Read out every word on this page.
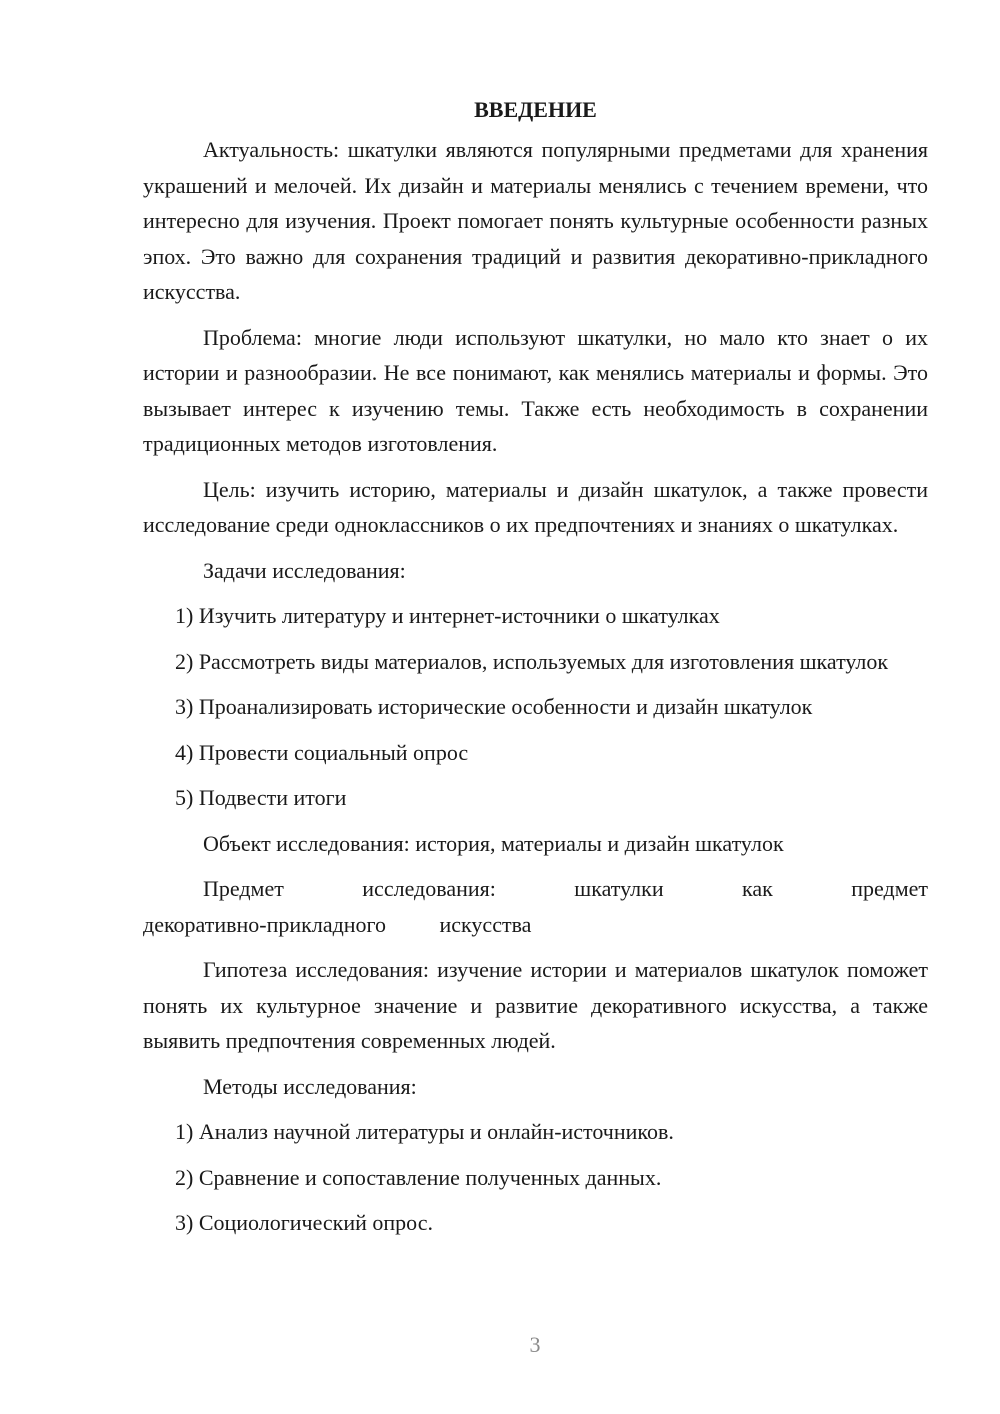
ВВЕДЕНИЕ

Актуальность: шкатулки являются популярными предметами для хранения украшений и мелочей. Их дизайн и материалы менялись с течением времени, что интересно для изучения. Проект помогает понять культурные особенности разных эпох. Это важно для сохранения традиций и развития декоративно-прикладного искусства.

Проблема: многие люди используют шкатулки, но мало кто знает о их истории и разнообразии. Не все понимают, как менялись материалы и формы. Это вызывает интерес к изучению темы. Также есть необходимость в сохранении традиционных методов изготовления.

Цель: изучить историю, материалы и дизайн шкатулок, а также провести исследование среди одноклассников о их предпочтениях и знаниях о шкатулках.

Задачи исследования:

1) Изучить литературу и интернет-источники о шкатулках

2) Рассмотреть виды материалов, используемых для изготовления шкатулок

3) Проанализировать исторические особенности и дизайн шкатулок

4) Провести социальный опрос

5) Подвести итоги

Объект исследования: история, материалы и дизайн шкатулок

Предмет исследования: шкатулки как предмет декоративно-прикладного искусства

Гипотеза исследования: изучение истории и материалов шкатулок поможет понять их культурное значение и развитие декоративного искусства, а также выявить предпочтения современных людей.

Методы исследования:

1) Анализ научной литературы и онлайн-источников.

2) Сравнение и сопоставление полученных данных.

3) Социологический опрос.

3
